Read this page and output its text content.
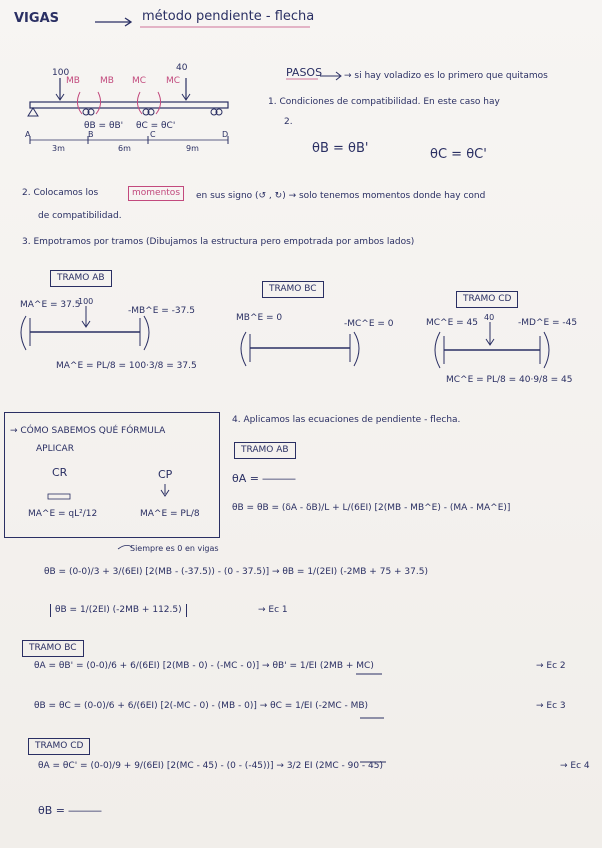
VIGAS	método pendiente - flecha
100	40
MB MB MC MC
θB = θB' θC = θC'
3m	6m	9m
A	B	C	D
PASOS → si hay voladizo es lo primero que quitamos
1. Condiciones de compatibilidad. En este caso hay
2.
θB = θB'	θC = θC'
2. Colocamos los	momentos	en sus signo (↺ , ↻) → solo tenemos momentos donde hay cond
de compatibilidad.
3. Empotramos por tramos (Dibujamos la estructura pero empotrada por ambos lados)
TRAMO AB
MA^E = 37.5
-MB^E = -37.5
100
MA^E = PL/8 = 100·3/8 = 37.5
TRAMO BC
MB^E = 0
-MC^E = 0
TRAMO CD
MC^E = 45	-MD^E = -45
40
MC^E = PL/8 = 40·9/8 = 45
→ CÓMO SABEMOS QUÉ FÓRMULA
APLICAR
CR	CP
MA^E = qL²/12	MA^E = PL/8
4. Aplicamos las ecuaciones de pendiente - flecha.
TRAMO AB
θA = ―――
θB = θB = (δA - δB)/L + L/(6EI) [2(MB - MB^E) - (MA - MA^E)]
Siempre es 0 en vigas
θB = (0-0)/3 + 3/(6EI) [2(MB - (-37.5)) - (0 - 37.5)] → θB = 1/(2EI) (-2MB + 75 + 37.5)
θB = 1/(2EI) (-2MB + 112.5)	→ Ec 1
TRAMO BC
θA = θB' = (0-0)/6 + 6/(6EI) [2(MB - 0) - (-MC - 0)] → θB' = 1/EI (2MB + MC)	→ Ec 2
θB = θC = (0-0)/6 + 6/(6EI) [2(-MC - 0) - (MB - 0)] → θC = 1/EI (-2MC - MB)	→ Ec 3
TRAMO CD
θA = θC' = (0-0)/9 + 9/(6EI) [2(MC - 45) - (0 - (-45))] → 3/2 EI (2MC - 90 - 45)	→ Ec 4
θB = ―――
